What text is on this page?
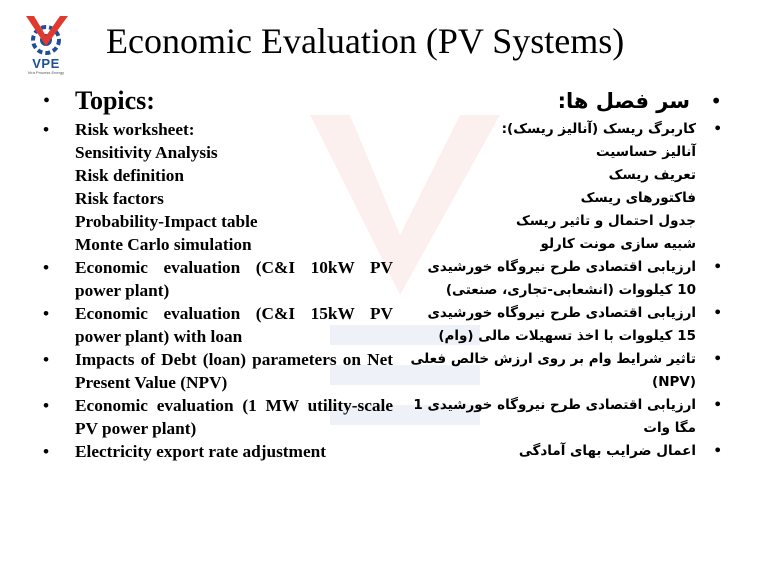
VPE
Vira Process Energy
Economic Evaluation (PV Systems)
• Topics:
•	Risk worksheet:
Sensitivity Analysis
Risk definition
Risk factors
Probability-Impact table
Monte Carlo simulation
•	Economic evaluation (C&I 10kW PV power plant)
•	Economic evaluation (C&I 15kW PV power plant) with loan
•	Impacts of Debt (loan) parameters on Net Present Value (NPV)
•	Economic evaluation (1 MW utility-scale PV power plant)
•	Electricity export rate adjustment
•
سر فصل ها:
•
کاربرگ ریسک (آنالیز ریسک):
آنالیز حساسیت
تعریف ریسک
فاکتورهای ریسک
جدول احتمال و تاثیر ریسک
شبیه سازی مونت کارلو
•
ارزیابی اقتصادی طرح نیروگاه خورشیدی 10 کیلووات (انشعابی-تجاری، صنعتی)
•
ارزیابی اقتصادی طرح نیروگاه خورشیدی 15 کیلووات با اخذ تسهیلات مالی (وام)
•
تاثیر شرایط وام بر روی ارزش خالص فعلی (NPV)
•
ارزیابی اقتصادی طرح نیروگاه خورشیدی 1 مگا وات
•
اعمال ضرایب بهای آمادگی
